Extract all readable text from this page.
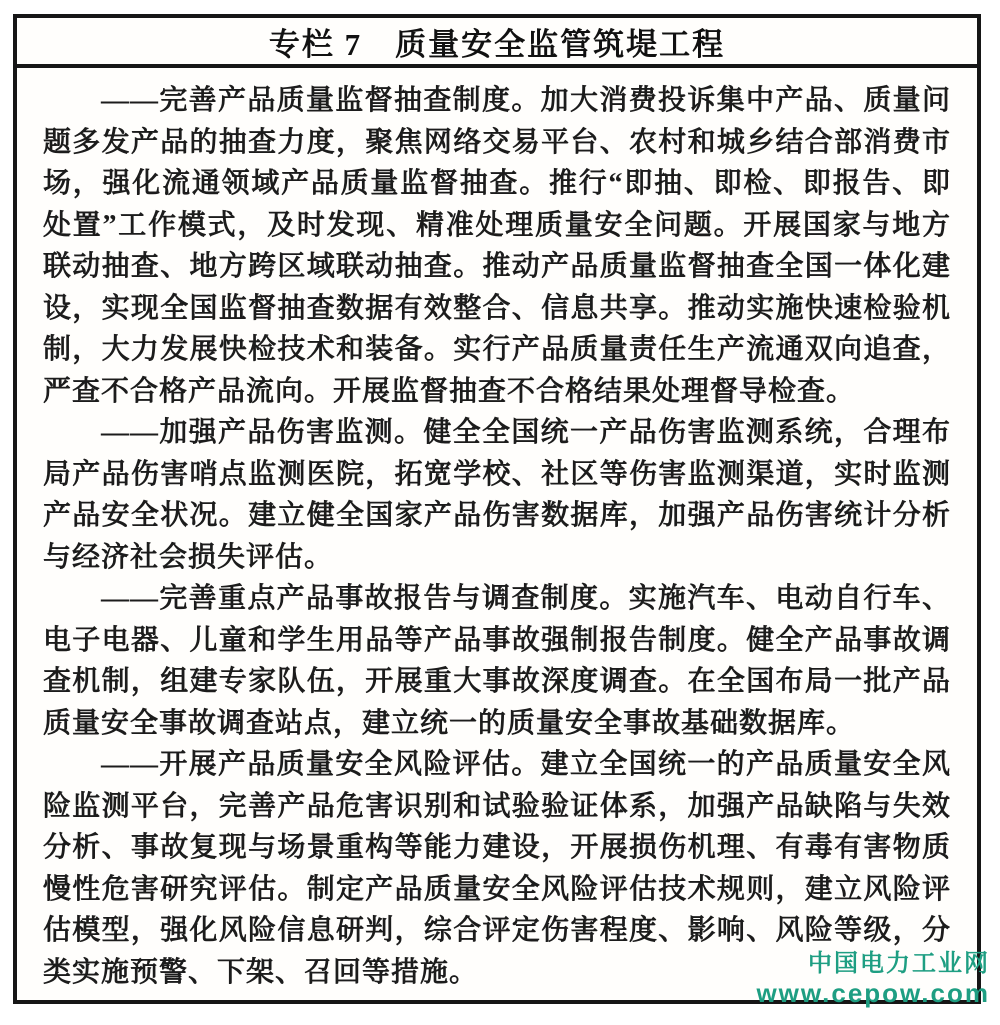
专栏 7　质量安全监管筑堤工程
——完善产品质量监督抽查制度。加大消费投诉集中产品、质量问
题多发产品的抽查力度，聚焦网络交易平台、农村和城乡结合部消费市
场，强化流通领域产品质量监督抽查。推行“即抽、即检、即报告、即
处置”工作模式，及时发现、精准处理质量安全问题。开展国家与地方
联动抽查、地方跨区域联动抽查。推动产品质量监督抽查全国一体化建
设，实现全国监督抽查数据有效整合、信息共享。推动实施快速检验机
制，大力发展快检技术和装备。实行产品质量责任生产流通双向追查，
严查不合格产品流向。开展监督抽查不合格结果处理督导检查。
——加强产品伤害监测。健全全国统一产品伤害监测系统，合理布
局产品伤害哨点监测医院，拓宽学校、社区等伤害监测渠道，实时监测
产品安全状况。建立健全国家产品伤害数据库，加强产品伤害统计分析
与经济社会损失评估。
——完善重点产品事故报告与调查制度。实施汽车、电动自行车、
电子电器、儿童和学生用品等产品事故强制报告制度。健全产品事故调
查机制，组建专家队伍，开展重大事故深度调查。在全国布局一批产品
质量安全事故调查站点，建立统一的质量安全事故基础数据库。
——开展产品质量安全风险评估。建立全国统一的产品质量安全风
险监测平台，完善产品危害识别和试验验证体系，加强产品缺陷与失效
分析、事故复现与场景重构等能力建设，开展损伤机理、有毒有害物质
慢性危害研究评估。制定产品质量安全风险评估技术规则，建立风险评
估模型，强化风险信息研判，综合评定伤害程度、影响、风险等级，分
类实施预警、下架、召回等措施。	中国电力工业网
www.cepow.com
